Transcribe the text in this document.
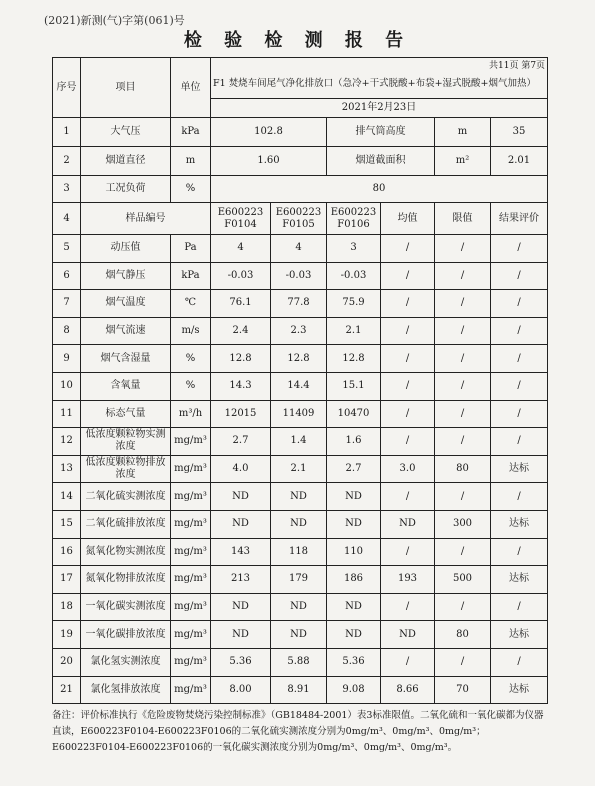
(2021)新测(气)字第(061)号
检 验 检 测 报 告
序号	项目	单位	共11页 第7页
F1 焚烧车间尾气净化排放口（急冷+干式脱酸+布袋+湿式脱酸+烟气加热）					

			2021年2月23日					
1	大气压	kPa	102.8		排气筒高度		m	35
2	烟道直径	m	1.60		烟道截面积		m²	2.01
3	工况负荷	%	80					
4	样品编号		E600223 F0104	E600223 F0105	E600223 F0106	均值	限值	结果评价
5	动压值	Pa	4	4	3	/	/	/
6	烟气静压	kPa	-0.03	-0.03	-0.03	/	/	/
7	烟气温度	℃	76.1	77.8	75.9	/	/	/
8	烟气流速	m/s	2.4	2.3	2.1	/	/	/
9	烟气含湿量	%	12.8	12.8	12.8	/	/	/
10	含氧量	%	14.3	14.4	15.1	/	/	/
11	标态气量	m³/h	12015	11409	10470	/	/	/
12	低浓度颗粒物实测浓度	mg/m³	2.7	1.4	1.6	/	/	/
13	低浓度颗粒物排放浓度	mg/m³	4.0	2.1	2.7	3.0	80	达标
14	二氧化硫实测浓度	mg/m³	ND	ND	ND	/	/	/
15	二氧化硫排放浓度	mg/m³	ND	ND	ND	ND	300	达标
16	氮氧化物实测浓度	mg/m³	143	118	110	/	/	/
17	氮氧化物排放浓度	mg/m³	213	179	186	193	500	达标
18	一氧化碳实测浓度	mg/m³	ND	ND	ND	/	/	/
19	一氧化碳排放浓度	mg/m³	ND	ND	ND	ND	80	达标
20	氯化氢实测浓度	mg/m³	5.36	5.88	5.36	/	/	/
21	氯化氢排放浓度	mg/m³	8.00	8.91	9.08	8.66	70	达标
备注：评价标准执行《危险废物焚烧污染控制标准》（GB18484-2001）表3标准限值。二氧化硫和一氧化碳都为仪器直读，E600223F0104-E600223F0106的二氧化硫实测浓度分别为0mg/m³、0mg/m³、0mg/m³；E600223F0104-E600223F0106的一氧化碳实测浓度分别为0mg/m³、0mg/m³、0mg/m³。
